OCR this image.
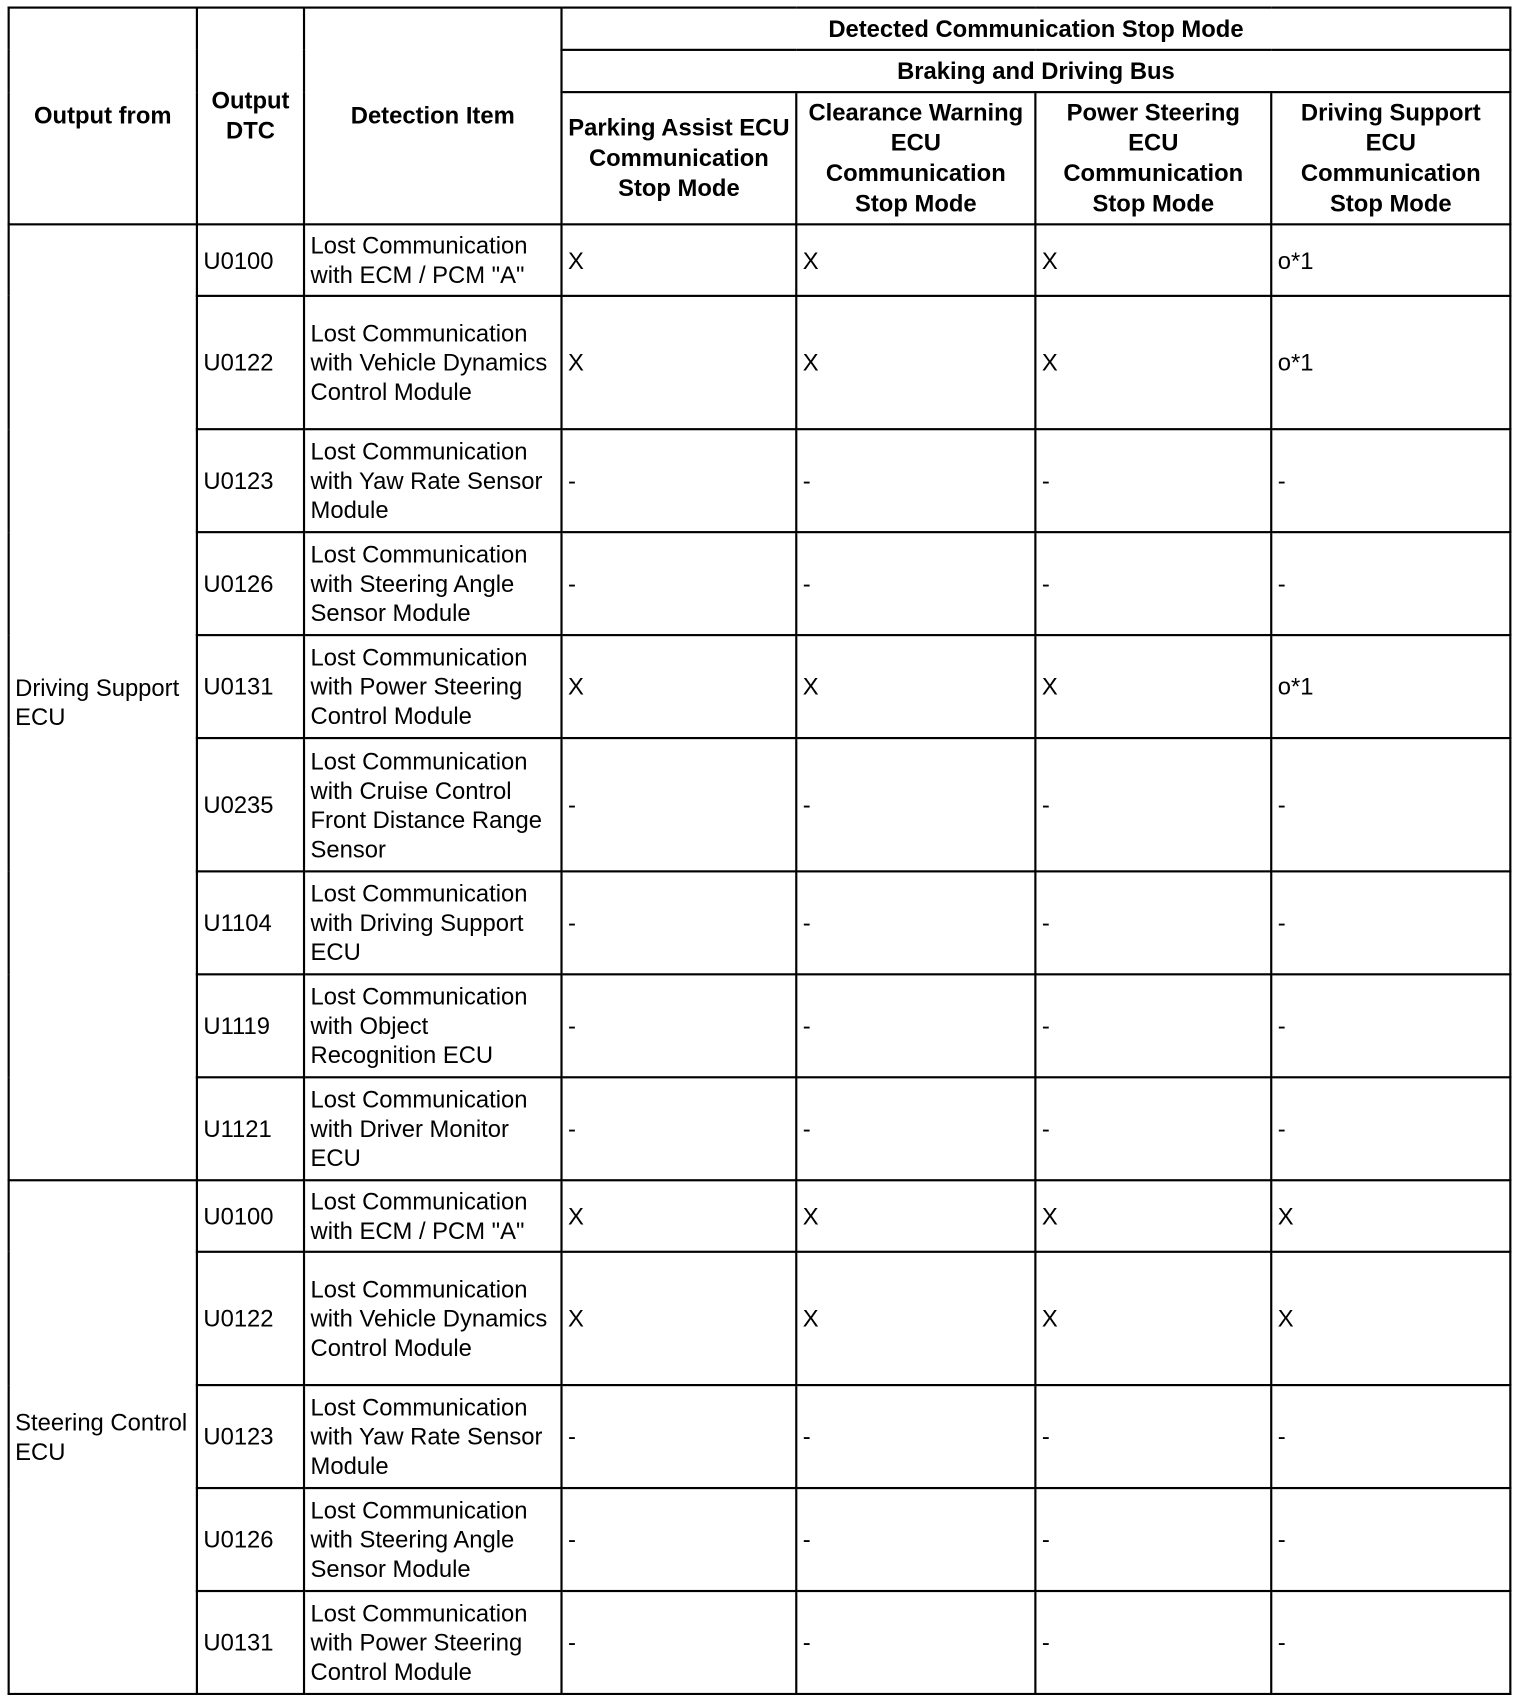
Output from	Output DTC	Detection Item	Detected Communication Stop Mode			
			Braking and Driving Bus			
			Parking Assist ECU Communication Stop Mode	Clearance Warning ECU Communication Stop Mode	Power Steering ECU Communication Stop Mode	Driving Support ECU Communication Stop Mode
Driving Support ECU	U0100	Lost Communication with ECM / PCM "A"	X	X	X	o*1
	U0122	Lost Communication with Vehicle Dynamics Control Module	X	X	X	o*1
	U0123	Lost Communication with Yaw Rate Sensor Module	-	-	-	-
	U0126	Lost Communication with Steering Angle Sensor Module	-	-	-	-
	U0131	Lost Communication with Power Steering Control Module	X	X	X	o*1
	U0235	Lost Communication with Cruise Control Front Distance Range Sensor	-	-	-	-
	U1104	Lost Communication with Driving Support ECU	-	-	-	-
	U1119	Lost Communication with Object Recognition ECU	-	-	-	-
	U1121	Lost Communication with Driver Monitor ECU	-	-	-	-
Steering Control ECU	U0100	Lost Communication with ECM / PCM "A"	X	X	X	X
	U0122	Lost Communication with Vehicle Dynamics Control Module	X	X	X	X
	U0123	Lost Communication with Yaw Rate Sensor Module	-	-	-	-
	U0126	Lost Communication with Steering Angle Sensor Module	-	-	-	-
	U0131	Lost Communication with Power Steering Control Module	-	-	-	-
